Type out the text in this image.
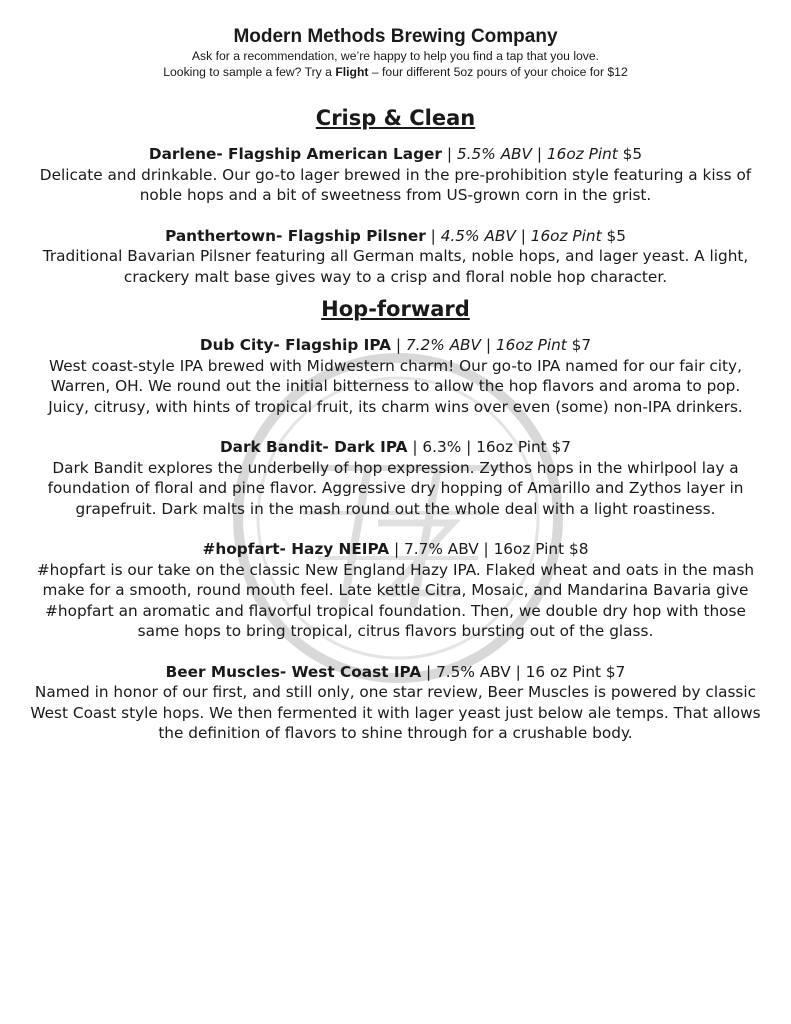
Modern Methods Brewing Company

Ask for a recommendation, we’re happy to help you find a tap that you love.

Looking to sample a few? Try a Flight – four different 5oz pours of your choice for $12

Crisp & Clean
Darlene- Flagship American Lager | 5.5% ABV | 16oz Pint $5

Delicate and drinkable. Our go-to lager brewed in the pre-prohibition style featuring a kiss of noble hops and a bit of sweetness from US-grown corn in the grist.

Panthertown- Flagship Pilsner | 4.5% ABV | 16oz Pint $5

Traditional Bavarian Pilsner featuring all German malts, noble hops, and lager yeast. A light, crackery malt base gives way to a crisp and floral noble hop character.

Hop-forward
Dub City- Flagship IPA | 7.2% ABV | 16oz Pint $7

West coast-style IPA brewed with Midwestern charm! Our go-to IPA named for our fair city, Warren, OH. We round out the initial bitterness to allow the hop flavors and aroma to pop. Juicy, citrusy, with hints of tropical fruit, its charm wins over even (some) non-IPA drinkers.

Dark Bandit- Dark IPA | 6.3% | 16oz Pint $7

Dark Bandit explores the underbelly of hop expression. Zythos hops in the whirlpool lay a foundation of floral and pine flavor. Aggressive dry hopping of Amarillo and Zythos layer in grapefruit. Dark malts in the mash round out the whole deal with a light roastiness.

#hopfart- Hazy NEIPA | 7.7% ABV | 16oz Pint $8

#hopfart is our take on the classic New England Hazy IPA. Flaked wheat and oats in the mash make for a smooth, round mouth feel. Late kettle Citra, Mosaic, and Mandarina Bavaria give #hopfart an aromatic and flavorful tropical foundation. Then, we double dry hop with those same hops to bring tropical, citrus flavors bursting out of the glass.

Beer Muscles- West Coast IPA | 7.5% ABV | 16 oz Pint $7

Named in honor of our first, and still only, one star review, Beer Muscles is powered by classic West Coast style hops. We then fermented it with lager yeast just below ale temps. That allows the definition of flavors to shine through for a crushable body.
